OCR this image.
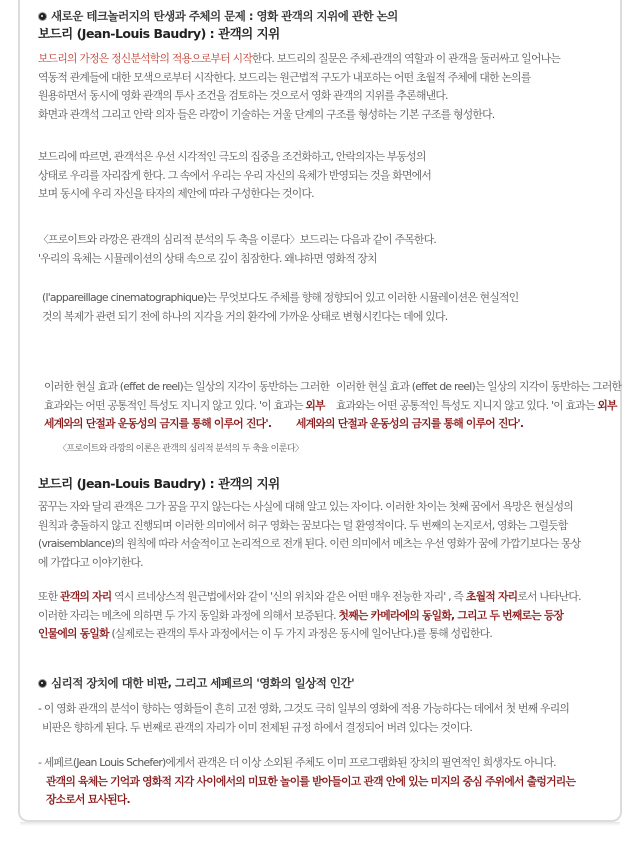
새로운 테크놀러지의 탄생과 주체의 문제 : 영화 관객의 지위에 관한 논의
보드리 (Jean-Louis Baudry) : 관객의 지위
보드리의 가정은 정신분석학의 적용으로부터 시작한다. 보드리의 질문은 주체-관객의 역할과 이 관객을 둘러싸고 일어나는
역동적 관계들에 대한 모색으로부터 시작한다. 보드리는 원근법적 구도가 내포하는 어떤 초월적 주체에 대한 논의를
원용하면서 동시에 영화 관객의 투사 조건을 검토하는 것으로서 영화 관객의 지위를 추론해낸다.
화면과 관객석 그리고 안락 의자 들은 라깡이 기술하는 거울 단계의 구조를 형성하는 기본 구조를 형성한다.
보드리에 따르면, 관객석은 우선 시각적인 극도의 집중을 조건화하고, 안락의자는 부동성의
상태로 우리를 자리잡게 한다. 그 속에서 우리는 우리 자신의 육체가 반영되는 것을 화면에서
보며 동시에 우리 자신을 타자의 제안에 따라 구성한다는 것이다.
〈프로이트와 라깡은 관객의 심리적 분석의 두 축을 이룬다〉보드리는 다음과 같이 주목한다.
'우리의 육체는 시뮬레이션의 상태 속으로 깊이 침잠한다. 왜냐하면 영화적 장치
(l'appareillage cinematographique)는 무엇보다도 주체를 향해 정향되어 있고 이러한 시뮬레이션은 현실적인
것의 복제가 관련 되기 전에 하나의 지각을 거의 환각에 가까운 상태로 변형시킨다는 데에 있다.
이러한 현실 효과 (effet de reel)는 일상의 지각이 동반하는 그러한
효과와는 어떤 공통적인 특성도 지니지 않고 있다. '이 효과는 외부
세계와의 단절과 운동성의 금지를 통해 이루어 진다'.
이러한 현실 효과 (effet de reel)는 일상의 지각이 동반하는 그러한
효과와는 어떤 공통적인 특성도 지니지 않고 있다. '이 효과는 외부
세계와의 단절과 운동성의 금지를 통해 이루어 진다'.
〈프로이트와 라깡의 이론은 관객의 심리적 분석의 두 축을 이룬다〉
보드리 (Jean-Louis Baudry) : 관객의 지위
꿈꾸는 자와 달리 관객은 그가 꿈을 꾸지 않는다는 사실에 대해 알고 있는 자이다. 이러한 차이는 첫째 꿈에서 욕망은 현실성의
원칙과 충돌하지 않고 진행되며 이러한 의미에서 허구 영화는 꿈보다는 덜 환영적이다. 두 번째의 논지로서, 영화는 그럴듯함
(vraisemblance)의 원칙에 따라 서술적이고 논리적으로 전개 된다. 이런 의미에서 메츠는 우선 영화가 꿈에 가깝기보다는 몽상
에 가깝다고 이야기한다.
또한 관객의 자리 역시 르네상스적 원근법에서와 같이 '신의 위치와 같은 어떤 매우 전능한 자리' , 즉 초월적 자리로서 나타난다.
이러한 자리는 메츠에 의하면 두 가지 동일화 과정에 의해서 보증된다. 첫째는 카메라에의 동일화, 그리고 두 번째로는 등장
인물에의 동일화 (실제로는 관객의 투사 과정에서는 이 두 가지 과정은 동시에 일어난다.)를 통해 성립한다.
심리적 장치에 대한 비판, 그리고 세페르의 '영화의 일상적 인간'
- 이 영화 관객의 분석이 향하는 영화들이 흔히 고전 영화, 그것도 극히 일부의 영화에 적용 가능하다는 데에서 첫 번째 우리의
비판은 향하게 된다. 두 번째로 관객의 자리가 이미 전제된 규정 하에서 결정되어 버려 있다는 것이다.
- 세페르(Jean Louis Schefer)에게서 관객은 더 이상 소외된 주체도 이미 프로그램화된 장치의 필연적인 희생자도 아니다.
관객의 육체는 기억과 영화적 지각 사이에서의 미묘한 놀이를 받아들이고 관객 안에 있는 미지의 중심 주위에서 출렁거리는
장소로서 묘사된다.
